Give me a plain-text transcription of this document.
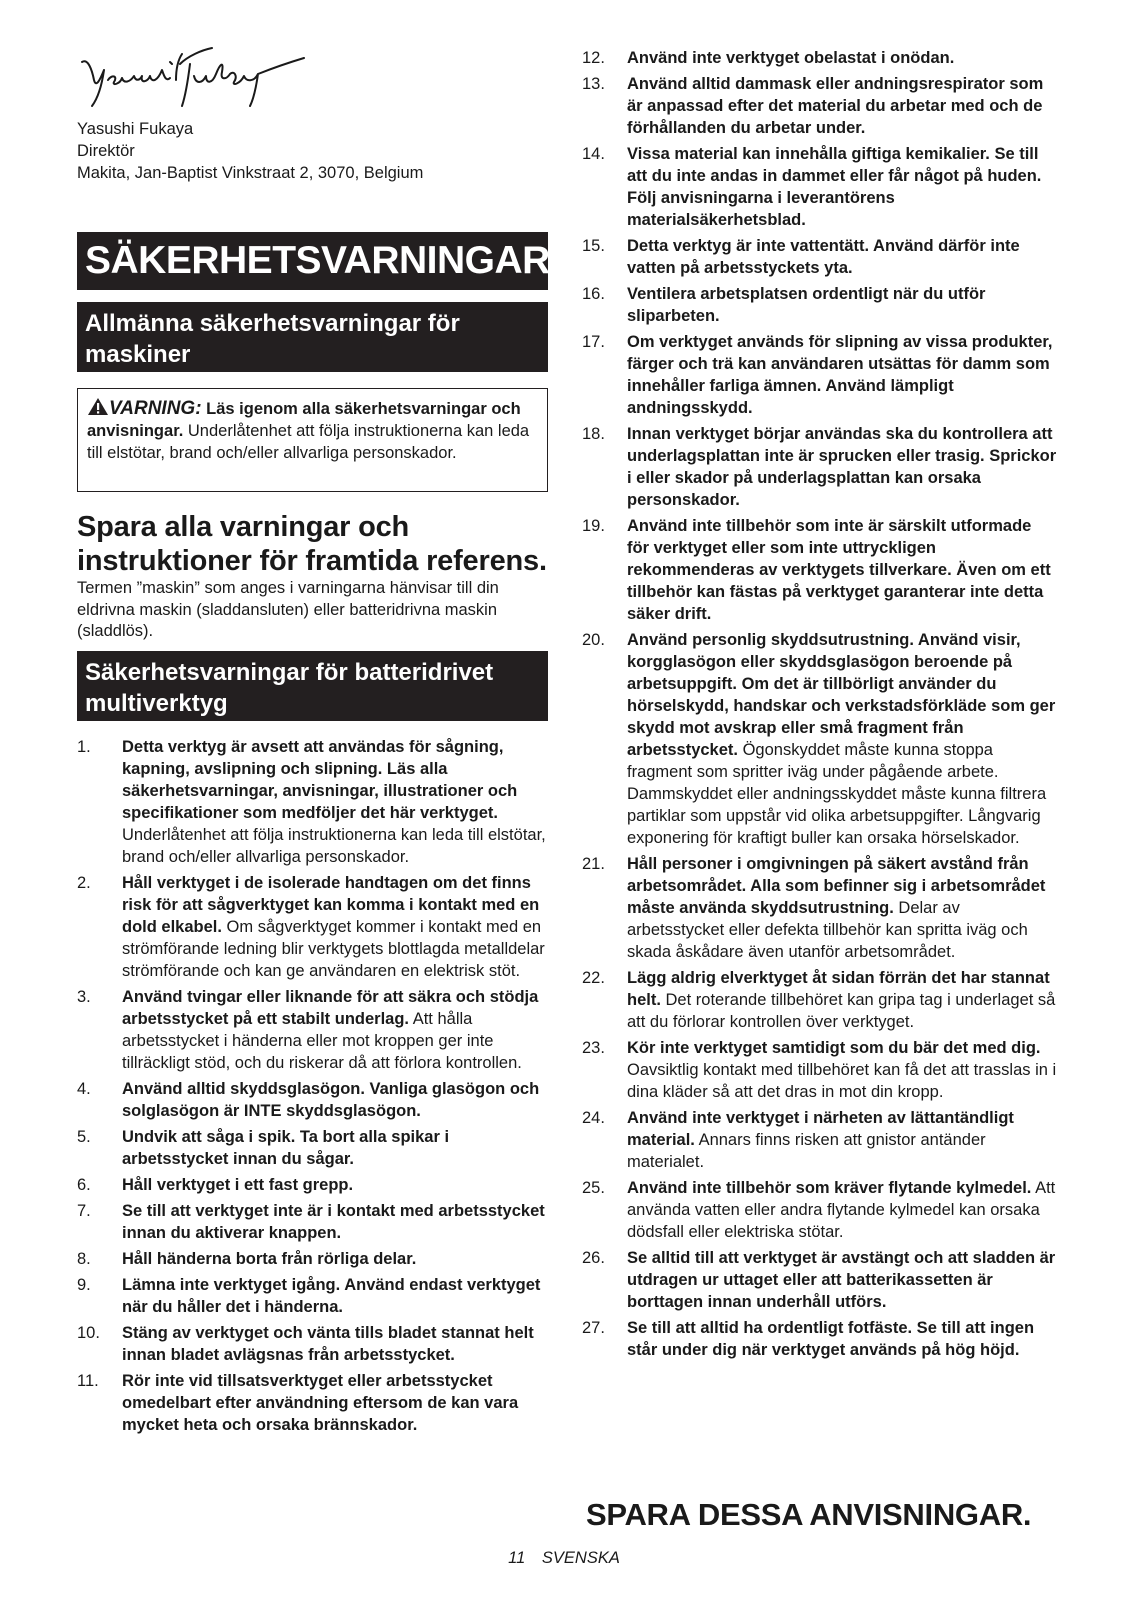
Yasushi Fukaya
Direktör
Makita, Jan-Baptist Vinkstraat 2, 3070, Belgium
SÄKERHETSVARNINGAR
Allmänna säkerhetsvarningar för maskiner
VARNING: Läs igenom alla säkerhetsvarningar och anvisningar. Underlåtenhet att följa instruktionerna kan leda till elstötar, brand och/eller allvarliga personskador.
Spara alla varningar och instruktioner för framtida referens.
Termen ”maskin” som anges i varningarna hänvisar till din eldrivna maskin (sladdansluten) eller batteridrivna maskin (sladdlös).
Säkerhetsvarningar för batteridrivet multiverktyg
1. Detta verktyg är avsett att användas för sågning, kapning, avslipning och slipning. Läs alla säkerhetsvarningar, anvisningar, illustrationer och specifikationer som medföljer det här verktyget. Underlåtenhet att följa instruktionerna kan leda till elstötar, brand och/eller allvarliga personskador.
2. Håll verktyget i de isolerade handtagen om det finns risk för att sågverktyget kan komma i kontakt med en dold elkabel. Om sågverktyget kommer i kontakt med en strömförande ledning blir verktygets blottlagda metalldelar strömförande och kan ge användaren en elektrisk stöt.
3. Använd tvingar eller liknande för att säkra och stödja arbetsstycket på ett stabilt underlag. Att hålla arbetsstycket i händerna eller mot kroppen ger inte tillräckligt stöd, och du riskerar då att förlora kontrollen.
4. Använd alltid skyddsglasögon. Vanliga glasögon och solglasögon är INTE skyddsglasögon.
5. Undvik att såga i spik. Ta bort alla spikar i arbetsstycket innan du sågar.
6. Håll verktyget i ett fast grepp.
7. Se till att verktyget inte är i kontakt med arbetsstycket innan du aktiverar knappen.
8. Håll händerna borta från rörliga delar.
9. Lämna inte verktyget igång. Använd endast verktyget när du håller det i händerna.
10. Stäng av verktyget och vänta tills bladet stannat helt innan bladet avlägsnas från arbetsstycket.
11. Rör inte vid tillsatsverktyget eller arbetsstycket omedelbart efter användning eftersom de kan vara mycket heta och orsaka brännskador.
12. Använd inte verktyget obelastat i onödan.
13. Använd alltid dammask eller andningsrespirator som är anpassad efter det material du arbetar med och de förhållanden du arbetar under.
14. Vissa material kan innehålla giftiga kemikalier. Se till att du inte andas in dammet eller får något på huden. Följ anvisningarna i leverantörens materialsäkerhetsblad.
15. Detta verktyg är inte vattentätt. Använd därför inte vatten på arbetsstyckets yta.
16. Ventilera arbetsplatsen ordentligt när du utför sliparbeten.
17. Om verktyget används för slipning av vissa produkter, färger och trä kan användaren utsättas för damm som innehåller farliga ämnen. Använd lämpligt andningsskydd.
18. Innan verktyget börjar användas ska du kontrollera att underlagsplattan inte är sprucken eller trasig. Sprickor i eller skador på underlagsplattan kan orsaka personskador.
19. Använd inte tillbehör som inte är särskilt utformade för verktyget eller som inte uttryckligen rekommenderas av verktygets tillverkare. Även om ett tillbehör kan fästas på verktyget garanterar inte detta säker drift.
20. Använd personlig skyddsutrustning. Använd visir, korgglasögon eller skyddsglasögon beroende på arbetsuppgift. Om det är tillbörligt använder du hörselskydd, handskar och verkstadsförkläde som ger skydd mot avskrap eller små fragment från arbetsstycket. Ögonskyddet måste kunna stoppa fragment som spritter iväg under pågående arbete. Dammskyddet eller andningsskyddet måste kunna filtrera partiklar som uppstår vid olika arbetsuppgifter. Långvarig exponering för kraftigt buller kan orsaka hörselskador.
21. Håll personer i omgivningen på säkert avstånd från arbetsområdet. Alla som befinner sig i arbetsområdet måste använda skyddsutrustning. Delar av arbetsstycket eller defekta tillbehör kan spritta iväg och skada åskådare även utanför arbetsområdet.
22. Lägg aldrig elverktyget åt sidan förrän det har stannat helt. Det roterande tillbehöret kan gripa tag i underlaget så att du förlorar kontrollen över verktyget.
23. Kör inte verktyget samtidigt som du bär det med dig. Oavsiktlig kontakt med tillbehöret kan få det att trasslas in i dina kläder så att det dras in mot din kropp.
24. Använd inte verktyget i närheten av lättantändligt material. Annars finns risken att gnistor antänder materialet.
25. Använd inte tillbehör som kräver flytande kylmedel. Att använda vatten eller andra flytande kylmedel kan orsaka dödsfall eller elektriska stötar.
26. Se alltid till att verktyget är avstängt och att sladden är utdragen ur uttaget eller att batterikassetten är borttagen innan underhåll utförs.
27. Se till att alltid ha ordentligt fotfäste. Se till att ingen står under dig när verktyget används på hög höjd.
SPARA DESSA ANVISNINGAR.
11 SVENSKA
